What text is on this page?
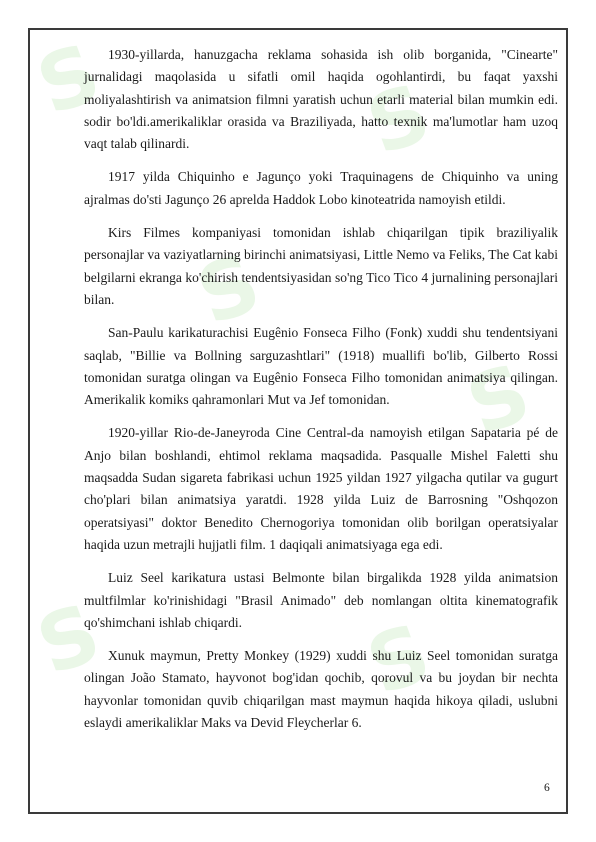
S
S
S
S
S
S

1930-yillarda, hanuzgacha reklama sohasida ish olib borganida, "Cinearte" jurnalidagi maqolasida u sifatli omil haqida ogohlantirdi, bu faqat yaxshi moliyalashtirish va animatsion filmni yaratish uchun etarli material bilan mumkin edi. sodir bo'ldi.amerikaliklar orasida va Braziliyada, hatto texnik ma'lumotlar ham uzoq vaqt talab qilinardi.

1917 yilda Chiquinho e Jagunço yoki Traquinagens de Chiquinho va uning ajralmas do'sti Jagunço 26 aprelda Haddok Lobo kinoteatrida namoyish etildi.

Kirs Filmes kompaniyasi tomonidan ishlab chiqarilgan tipik braziliyalik personajlar va vaziyatlarning birinchi animatsiyasi, Little Nemo va Feliks, The Cat kabi belgilarni ekranga ko'chirish tendentsiyasidan so'ng Tico Tico 4 jurnalining personajlari bilan.

San-Paulu karikaturachisi Eugênio Fonseca Filho (Fonk) xuddi shu tendentsiyani saqlab, "Billie va Bollning sarguzashtlari" (1918) muallifi bo'lib, Gilberto Rossi tomonidan suratga olingan va Eugênio Fonseca Filho tomonidan animatsiya qilingan. Amerikalik komiks qahramonlari Mut va Jef tomonidan.

1920-yillar Rio-de-Janeyroda Cine Central-da namoyish etilgan Sapataria pé de Anjo bilan boshlandi, ehtimol reklama maqsadida. Pasqualle Mishel Faletti shu maqsadda Sudan sigareta fabrikasi uchun 1925 yildan 1927 yilgacha qutilar va gugurt cho'plari bilan animatsiya yaratdi. 1928 yilda Luiz de Barrosning "Oshqozon operatsiyasi" doktor Benedito Chernogoriya tomonidan olib borilgan operatsiyalar haqida uzun metrajli hujjatli film. 1 daqiqali animatsiyaga ega edi.

Luiz Seel karikatura ustasi Belmonte bilan birgalikda 1928 yilda animatsion multfilmlar ko'rinishidagi "Brasil Animado" deb nomlangan oltita kinematografik qo'shimchani ishlab chiqardi.

Xunuk maymun, Pretty Monkey (1929) xuddi shu Luiz Seel tomonidan suratga olingan João Stamato, hayvonot bog'idan qochib, qorovul va bu joydan bir nechta hayvonlar tomonidan quvib chiqarilgan mast maymun haqida hikoya qiladi, uslubni eslaydi amerikaliklar Maks va Devid Fleycherlar 6.

6
